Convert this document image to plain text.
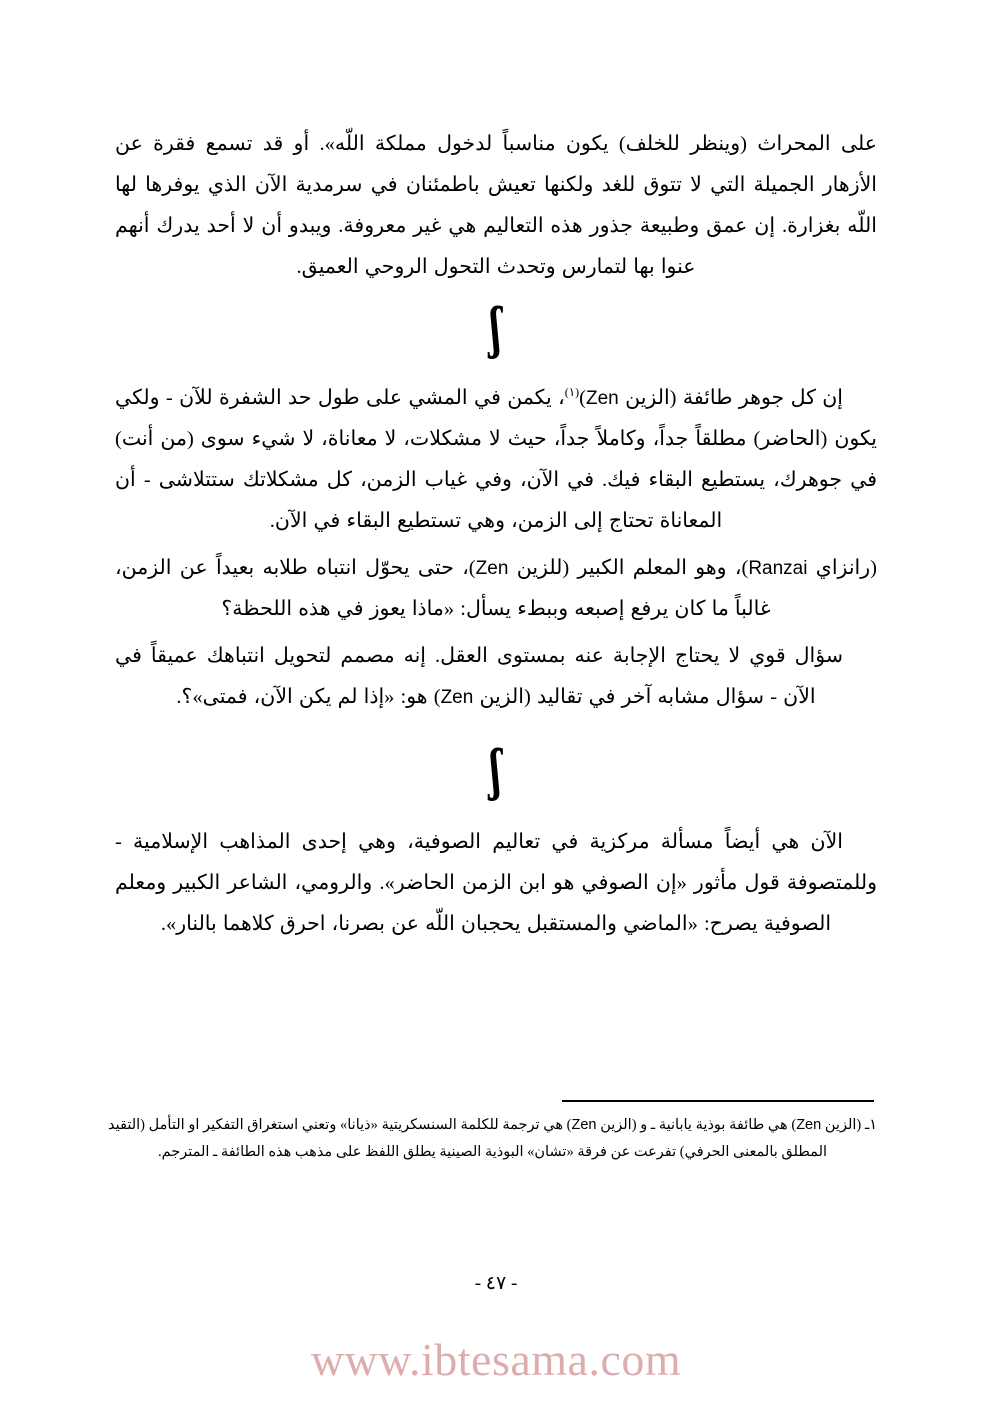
على المحراث (وينظر للخلف) يكون مناسباً لدخول مملكة اللّه». أو قد تسمع فقرة عن الأزهار الجميلة التي لا تتوق للغد ولكنها تعيش باطمئنان في سرمدية الآن الذي يوفرها لها اللّه بغزارة. إن عمق وطبيعة جذور هذه التعاليم هي غير معروفة. ويبدو أن لا أحد يدرك أنهم عنوا بها لتمارس وتحدث التحول الروحي العميق.

ʃ

إن كل جوهر طائفة (الزين Zen)$^{(١)}$، يكمن في المشي على طول حد الشفرة للآن - ولكي يكون (الحاضر) مطلقاً جداً، وكاملاً جداً، حيث لا مشكلات، لا معاناة، لا شيء سوى (من أنت) في جوهرك، يستطيع البقاء فيك. في الآن، وفي غياب الزمن، كل مشكلاتك ستتلاشى - أن المعاناة تحتاج إلى الزمن، وهي تستطيع البقاء في الآن.

(رانزاي Ranzai)، وهو المعلم الكبير (للزين Zen)، حتى يحوّل انتباه طلابه بعيداً عن الزمن، غالباً ما كان يرفع إصبعه وببطء يسأل: «ماذا يعوز في هذه اللحظة؟

سؤال قوي لا يحتاج الإجابة عنه بمستوى العقل. إنه مصمم لتحويل انتباهك عميقاً في الآن - سؤال مشابه آخر في تقاليد (الزين Zen) هو: «إذا لم يكن الآن، فمتى»؟.

ʃ

الآن هي أيضاً مسألة مركزية في تعاليم الصوفية، وهي إحدى المذاهب الإسلامية - وللمتصوفة قول مأثور «إن الصوفي هو ابن الزمن الحاضر». والرومي، الشاعر الكبير ومعلم الصوفية يصرح: «الماضي والمستقبل يحجبان اللّه عن بصرنا، احرق كلاهما بالنار».

١ـ (الزين Zen) هي طائفة بوذية يابانية ـ و (الزين Zen) هي ترجمة للكلمة السنسكريتية «ذيانا» وتعني استغراق التفكير او التأمل (التقيد المطلق بالمعنى الحرفي) تفرعت عن فرقة «تشان» البوذية الصينية يطلق اللفظ على مذهب هذه الطائفة ـ المترجم.
- ٤٧ -
www.ibtesama.com
